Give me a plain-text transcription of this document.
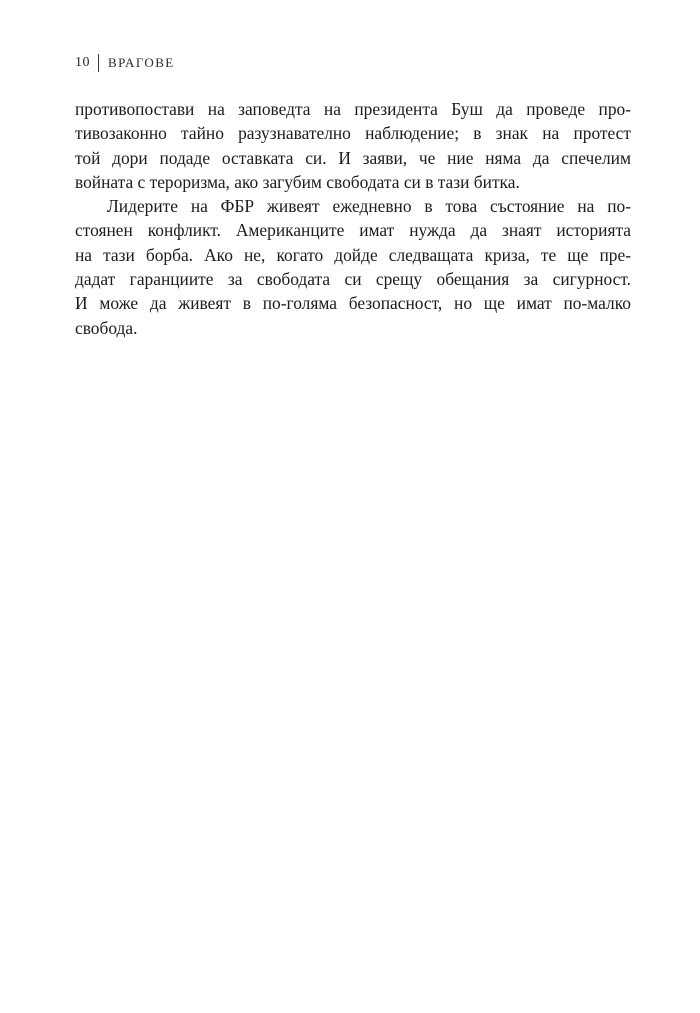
10 ВРАГОВЕ
противопостави на заповедта на президента Буш да проведе про-
тивозаконно тайно разузнавателно наблюдение; в знак на протест
той дори подаде оставката си. И заяви, че ние няма да спечелим
войната с тероризма, ако загубим свободата си в тази битка.
Лидерите на ФБР живеят ежедневно в това състояние на по-
стоянен конфликт. Американците имат нужда да знаят историята
на тази борба. Ако не, когато дойде следващата криза, те ще пре-
дадат гаранциите за свободата си срещу обещания за сигурност.
И може да живеят в по-голяма безопасност, но ще имат по-малко
свобода.
